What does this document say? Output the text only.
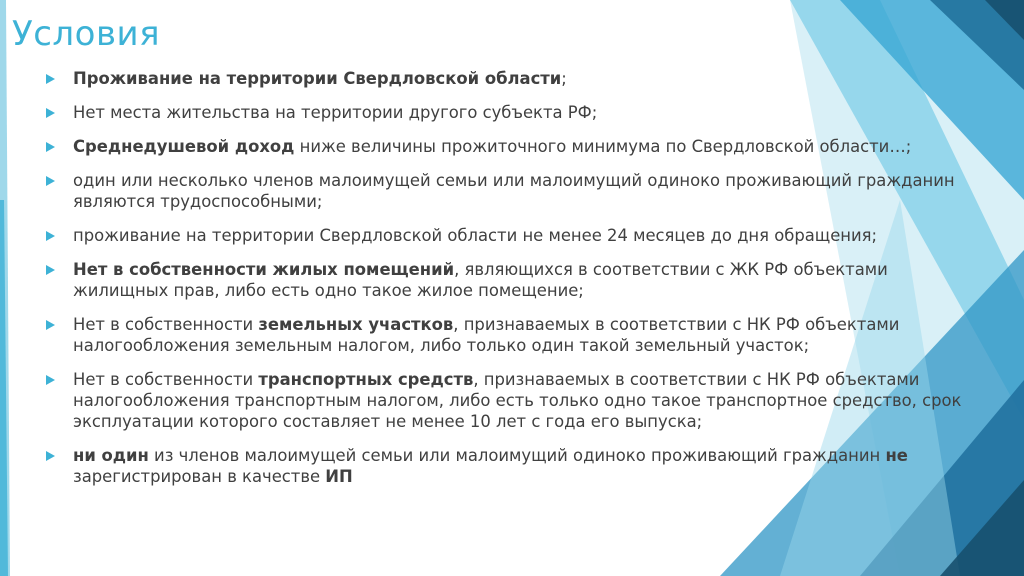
Условия
Проживание на территории Свердловской области;
Нет места жительства на территории другого субъекта РФ;
Среднедушевой доход ниже величины прожиточного минимума по Свердловской области…;
один или несколько членов малоимущей семьи или малоимущий одиноко проживающий гражданин являются трудоспособными;
проживание на территории Свердловской области не менее 24 месяцев до дня обращения;
Нет в собственности жилых помещений, являющихся в соответствии с ЖК РФ объектами жилищных прав, либо есть одно такое жилое помещение;
Нет в собственности земельных участков, признаваемых в соответствии с НК РФ объектами налогообложения земельным налогом, либо только один такой земельный участок;
Нет в собственности транспортных средств, признаваемых в соответствии с НК РФ объектами налогообложения транспортным налогом, либо есть только одно такое транспортное средство, срок эксплуатации которого составляет не менее 10 лет с года его выпуска;
ни один из членов малоимущей семьи или малоимущий одиноко проживающий гражданин не зарегистрирован в качестве ИП
